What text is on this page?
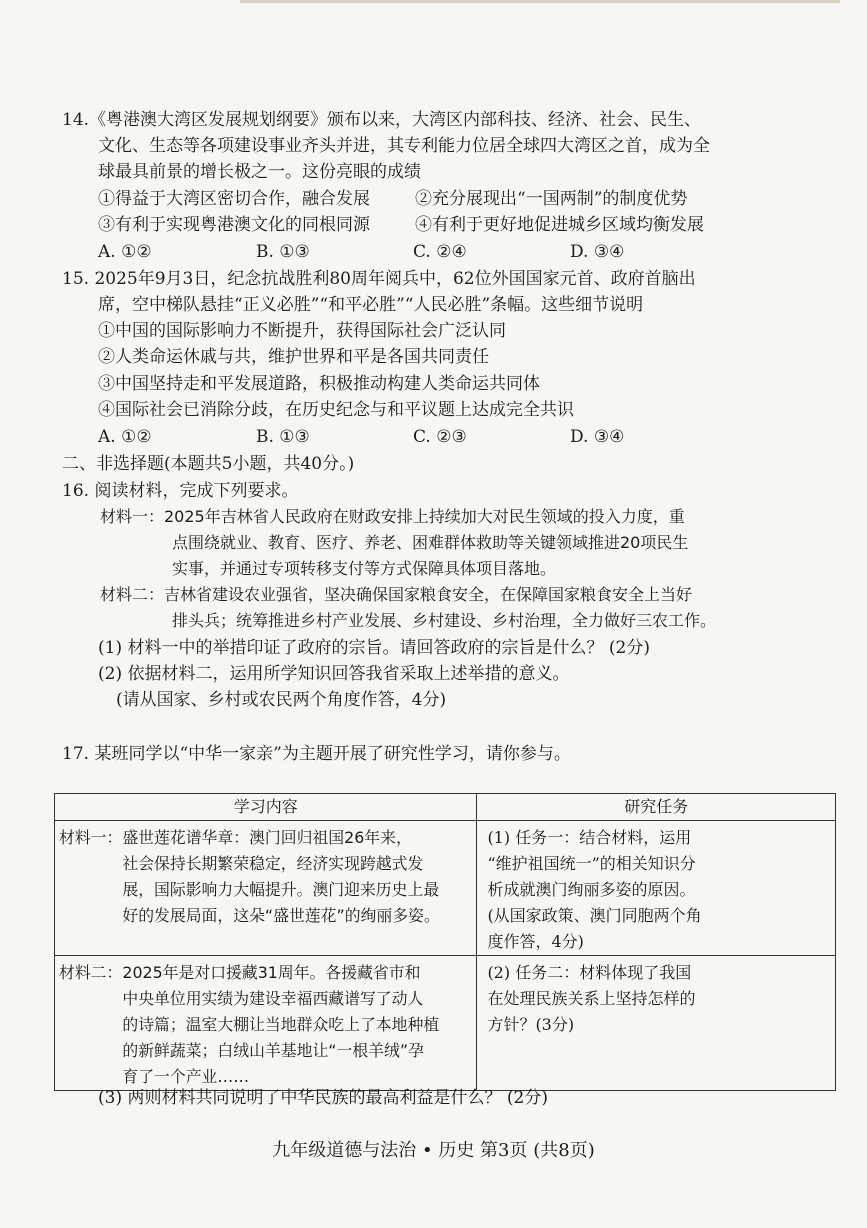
14.《粤港澳大湾区发展规划纲要》颁布以来，大湾区内部科技、经济、社会、民生、
文化、生态等各项建设事业齐头并进，其专利能力位居全球四大湾区之首，成为全
球最具前景的增长极之一。这份亮眼的成绩
①得益于大湾区密切合作，融合发展	②充分展现出“一国两制”的制度优势
③有利于实现粤港澳文化的同根同源	④有利于更好地促进城乡区域均衡发展
A. ①②	B. ①③	C. ②④	D. ③④
15. 2025年9月3日，纪念抗战胜利80周年阅兵中，62位外国国家元首、政府首脑出
席，空中梯队悬挂“正义必胜”“和平必胜”“人民必胜”条幅。这些细节说明
①中国的国际影响力不断提升，获得国际社会广泛认同
②人类命运休戚与共，维护世界和平是各国共同责任
③中国坚持走和平发展道路，积极推动构建人类命运共同体
④国际社会已消除分歧，在历史纪念与和平议题上达成完全共识
A. ①②	B. ①③	C. ②③	D. ③④
二、非选择题(本题共5小题，共40分。)
16. 阅读材料，完成下列要求。
材料一：2025年吉林省人民政府在财政安排上持续加大对民生领域的投入力度，重
点围绕就业、教育、医疗、养老、困难群体救助等关键领域推进20项民生
实事，并通过专项转移支付等方式保障具体项目落地。
材料二：吉林省建设农业强省，坚决确保国家粮食安全，在保障国家粮食安全上当好
排头兵；统筹推进乡村产业发展、乡村建设、乡村治理，全力做好三农工作。
(1) 材料一中的举措印证了政府的宗旨。请回答政府的宗旨是什么？ (2分)
(2) 依据材料二，运用所学知识回答我省采取上述举措的意义。
(请从国家、乡村或农民两个角度作答，4分)
17. 某班同学以“中华一家亲”为主题开展了研究性学习，请你参与。
学习内容	研究任务

材料一：盛世莲花谱华章：澳门回归祖国26年来，
社会保持长期繁荣稳定，经济实现跨越式发
展，国际影响力大幅提升。澳门迎来历史上最
好的发展局面，这朵“盛世莲花”的绚丽多姿。	(1) 任务一：结合材料，运用
“维护祖国统一”的相关知识分
析成就澳门绚丽多姿的原因。
(从国家政策、澳门同胞两个角
度作答，4分)

材料二：2025年是对口援藏31周年。各援藏省市和
中央单位用实绩为建设幸福西藏谱写了动人
的诗篇；温室大棚让当地群众吃上了本地种植
的新鲜蔬菜；白绒山羊基地让“一根羊绒”孕
育了一个产业……	(2) 任务二：材料体现了我国
在处理民族关系上坚持怎样的
方针？(3分)
(3) 两则材料共同说明了中华民族的最高利益是什么？ (2分)
九年级道德与法治 • 历史 第3页 (共8页)
